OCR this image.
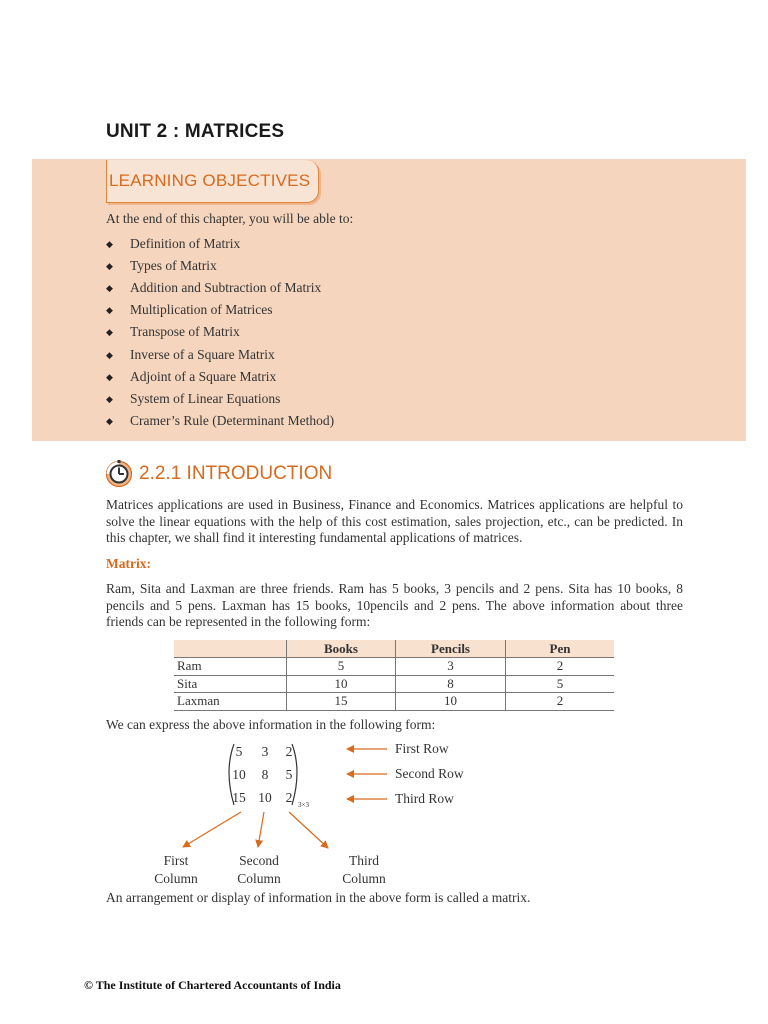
UNIT 2 : MATRICES
LEARNING OBJECTIVES

At the end of this chapter, you will be able to:

◆	Definition of Matrix
◆	Types of Matrix
◆	Addition and Subtraction of Matrix
◆	Multiplication of Matrices
◆	Transpose of Matrix
◆	Inverse of a Square Matrix
◆	Adjoint of a Square Matrix
◆	System of Linear Equations
◆	Cramer’s Rule (Determinant Method)
2.2.1 INTRODUCTION

Matrices applications are used in Business, Finance and Economics. Matrices applications are helpful to solve the linear equations with the help of this cost estimation, sales projection, etc., can be predicted. In this chapter, we shall find it interesting fundamental applications of matrices.

Matrix:

Ram, Sita and Laxman are three friends. Ram has 5 books, 3 pencils and 2 pens. Sita has 10 books, 8 pencils and 5 pens. Laxman has 15 books, 10pencils and 2 pens. The above information about three friends can be represented in the following form:

	Books	Pencils	Pen
Ram	5	3	2
Sita	10	8	5
Laxman	15	10	2

We can express the above information in the following form:

5 3 2
10 8 5
15 10 2 3×3
First Row
Second Row
Third Row
First
Column
Second
Column
Third
Column

An arrangement or display of information in the above form is called a matrix.

© The Institute of Chartered Accountants of India
